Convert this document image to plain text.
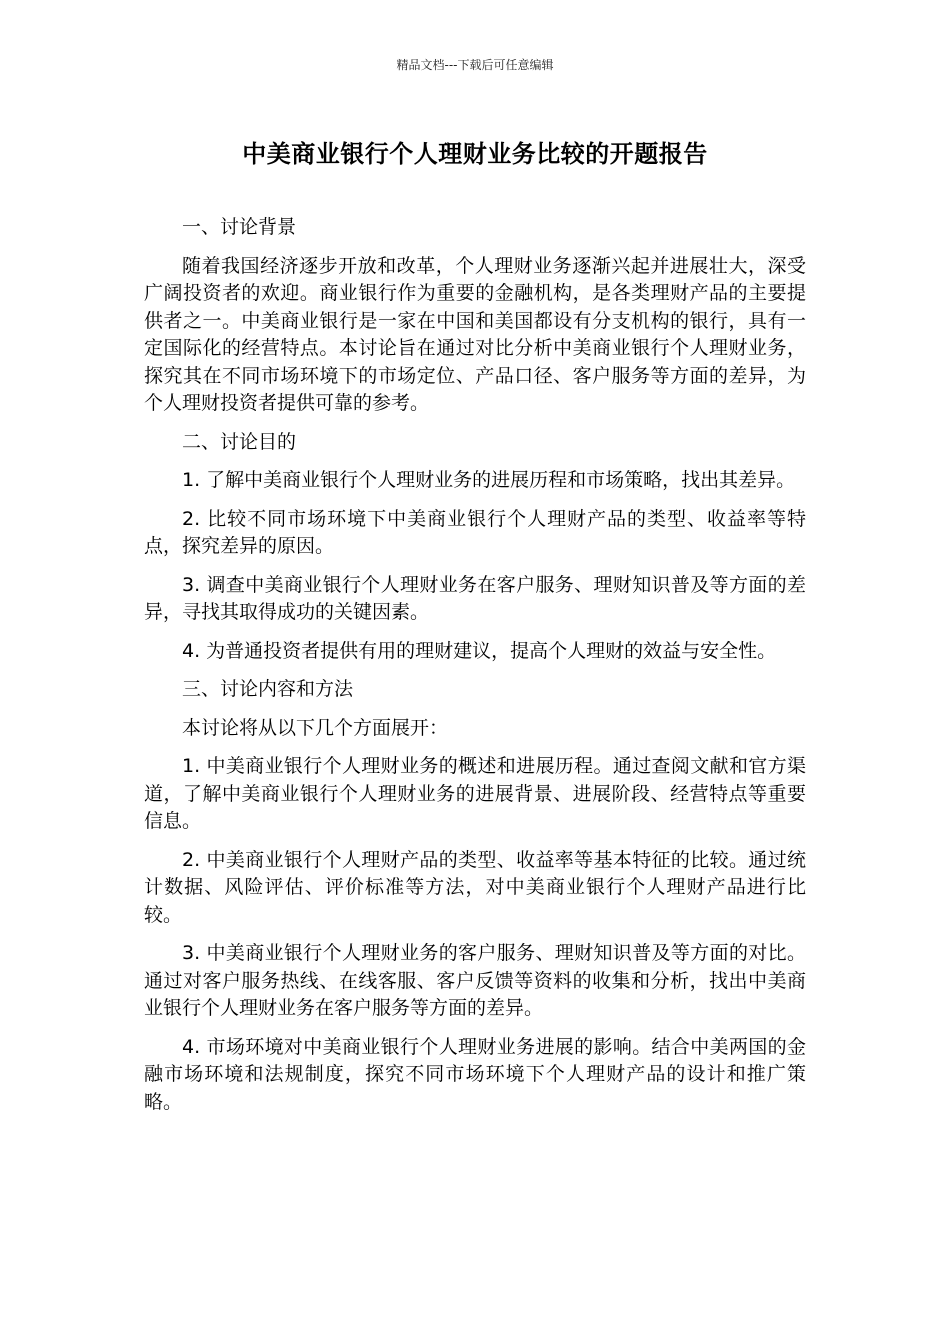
精品文档---下载后可任意编辑
中美商业银行个人理财业务比较的开题报告

一、讨论背景

随着我国经济逐步开放和改革，个人理财业务逐渐兴起并进展壮大，深受广阔投资者的欢迎。商业银行作为重要的金融机构，是各类理财产品的主要提供者之一。中美商业银行是一家在中国和美国都设有分支机构的银行，具有一定国际化的经营特点。本讨论旨在通过对比分析中美商业银行个人理财业务，探究其在不同市场环境下的市场定位、产品口径、客户服务等方面的差异，为个人理财投资者提供可靠的参考。

二、讨论目的

1. 了解中美商业银行个人理财业务的进展历程和市场策略，找出其差异。

2. 比较不同市场环境下中美商业银行个人理财产品的类型、收益率等特点，探究差异的原因。

3. 调查中美商业银行个人理财业务在客户服务、理财知识普及等方面的差异，寻找其取得成功的关键因素。

4. 为普通投资者提供有用的理财建议，提高个人理财的效益与安全性。

三、讨论内容和方法

本讨论将从以下几个方面展开：

1. 中美商业银行个人理财业务的概述和进展历程。通过查阅文献和官方渠道，了解中美商业银行个人理财业务的进展背景、进展阶段、经营特点等重要信息。

2. 中美商业银行个人理财产品的类型、收益率等基本特征的比较。通过统计数据、风险评估、评价标准等方法，对中美商业银行个人理财产品进行比较。

3. 中美商业银行个人理财业务的客户服务、理财知识普及等方面的对比。通过对客户服务热线、在线客服、客户反馈等资料的收集和分析，找出中美商业银行个人理财业务在客户服务等方面的差异。

4. 市场环境对中美商业银行个人理财业务进展的影响。结合中美两国的金融市场环境和法规制度，探究不同市场环境下个人理财产品的设计和推广策略。
